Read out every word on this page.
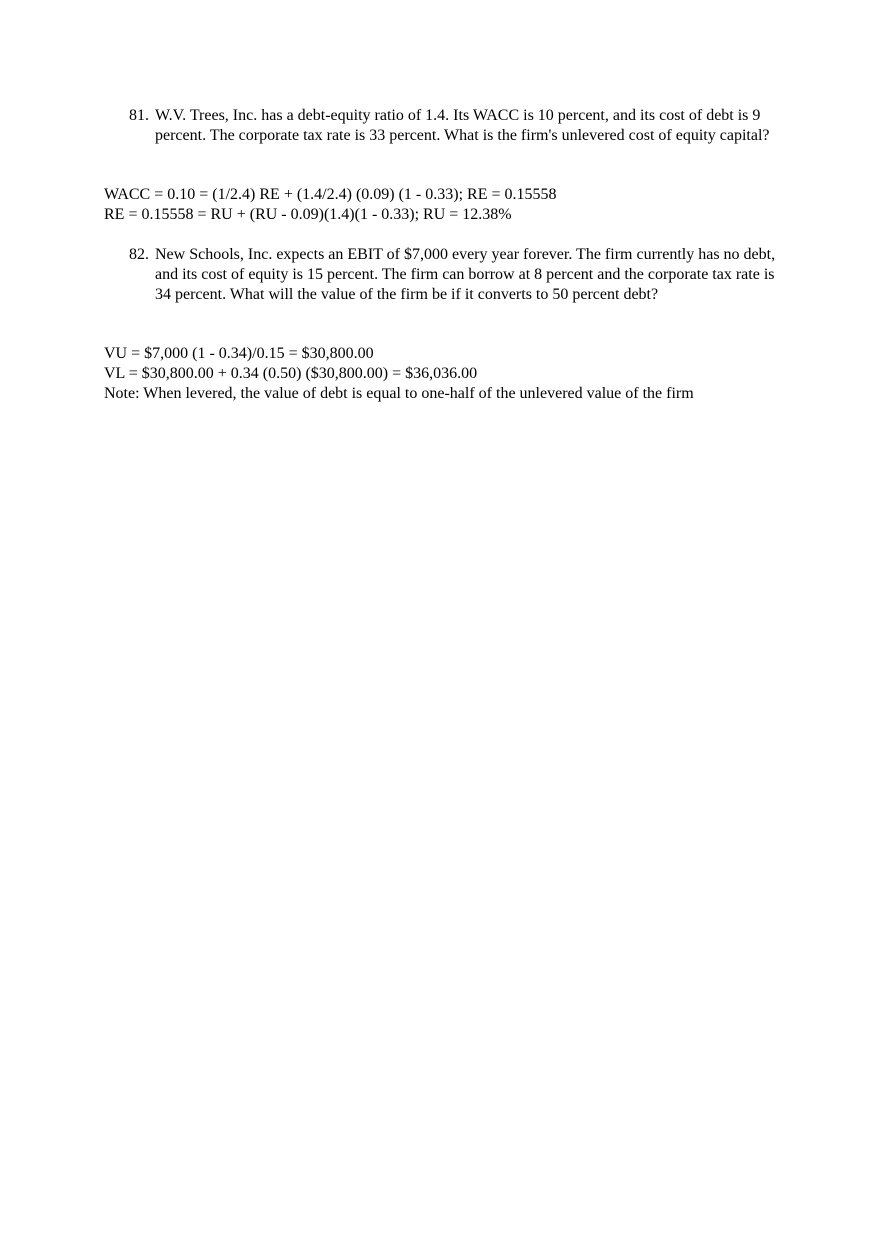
81. W.V. Trees, Inc. has a debt-equity ratio of 1.4. Its WACC is 10 percent, and its cost of debt is 9 percent. The corporate tax rate is 33 percent. What is the firm's unlevered cost of equity capital?
WACC = 0.10 = (1/2.4) RE + (1.4/2.4) (0.09) (1 - 0.33); RE = 0.15558
RE = 0.15558 = RU + (RU - 0.09)(1.4)(1 - 0.33); RU = 12.38%
82. New Schools, Inc. expects an EBIT of $7,000 every year forever. The firm currently has no debt, and its cost of equity is 15 percent. The firm can borrow at 8 percent and the corporate tax rate is 34 percent. What will the value of the firm be if it converts to 50 percent debt?
VU = $7,000 (1 - 0.34)/0.15 = $30,800.00
VL = $30,800.00 + 0.34 (0.50) ($30,800.00) = $36,036.00
Note: When levered, the value of debt is equal to one-half of the unlevered value of the firm
